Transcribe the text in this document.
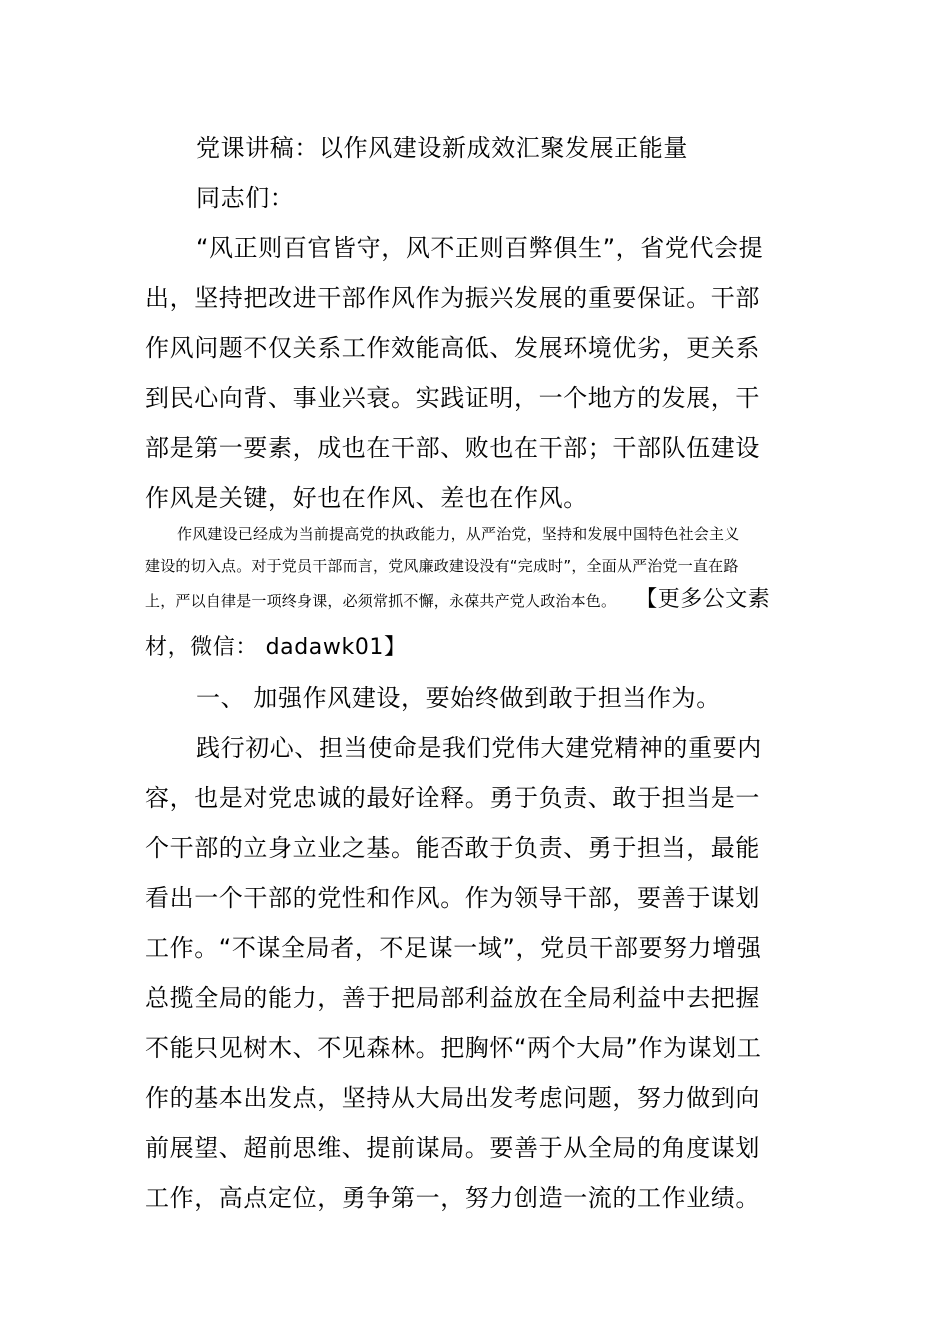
党课讲稿：以作风建设新成效汇聚发展正能量
同志们：
“风正则百官皆守，风不正则百弊俱生”，省党代会提
出，坚持把改进干部作风作为振兴发展的重要保证。干部
作风问题不仅关系工作效能高低、发展环境优劣，更关系
到民心向背、事业兴衰。实践证明，一个地方的发展，干
部是第一要素，成也在干部、败也在干部；干部队伍建设
作风是关键，好也在作风、差也在作风。
作风建设已经成为当前提高党的执政能力，从严治党，坚持和发展中国特色社会主义
建设的切入点。对于党员干部而言，党风廉政建设没有“完成时”，全面从严治党一直在路
上，严以自律是一项终身课，必须常抓不懈，永葆共产党人政治本色。 【更多公文素
材，微信： dadawk01】
一、 加强作风建设，要始终做到敢于担当作为。
践行初心、担当使命是我们党伟大建党精神的重要内
容，也是对党忠诚的最好诠释。勇于负责、敢于担当是一
个干部的立身立业之基。能否敢于负责、勇于担当，最能
看出一个干部的党性和作风。作为领导干部，要善于谋划
工作。“不谋全局者，不足谋一域”，党员干部要努力增强
总揽全局的能力，善于把局部利益放在全局利益中去把握
不能只见树木、不见森林。把胸怀“两个大局”作为谋划工
作的基本出发点，坚持从大局出发考虑问题，努力做到向
前展望、超前思维、提前谋局。要善于从全局的角度谋划
工作，高点定位，勇争第一，努力创造一流的工作业绩。
